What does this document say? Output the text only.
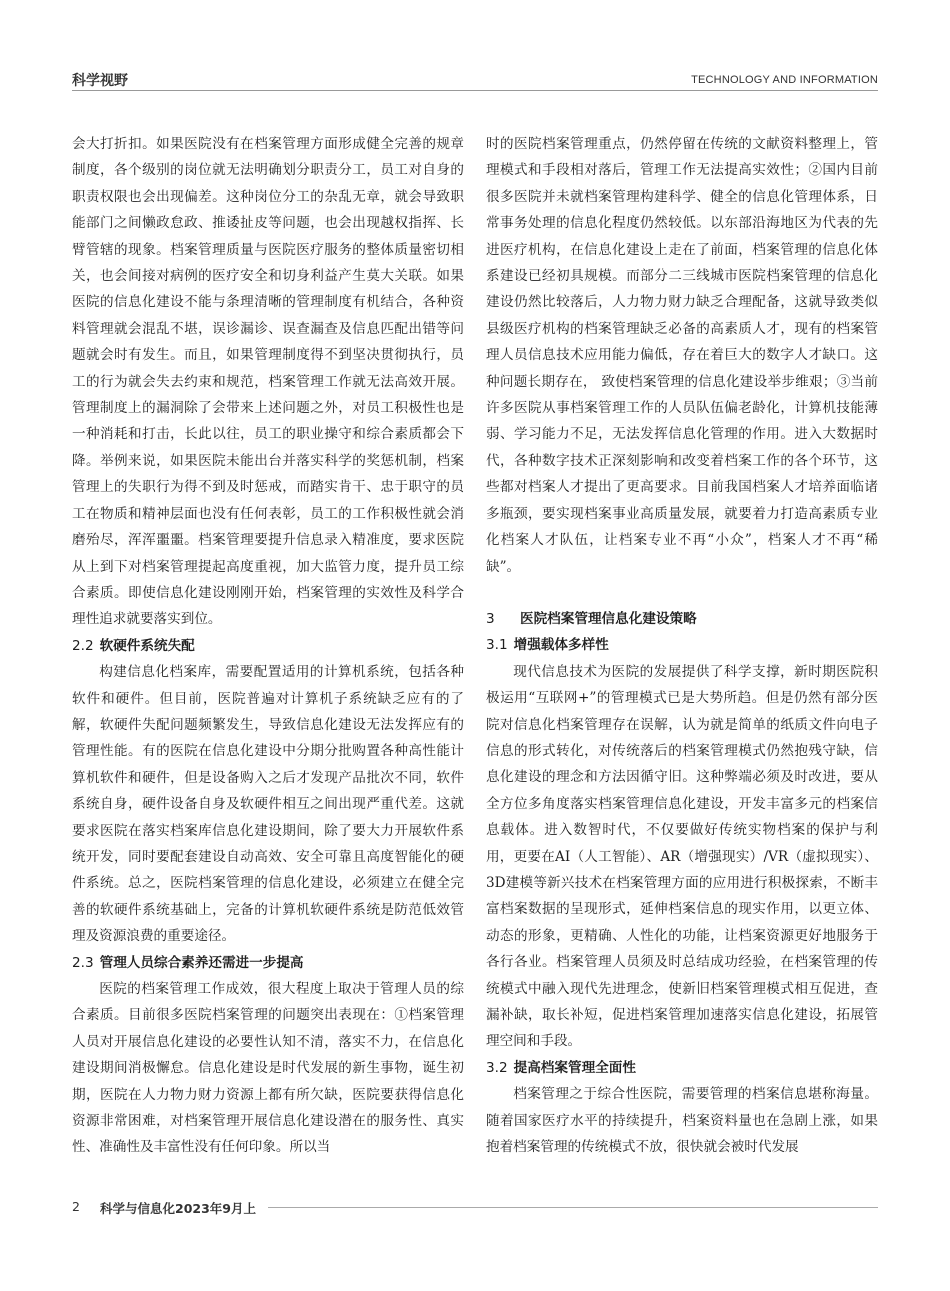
科学视野	TECHNOLOGY AND INFORMATION

会大打折扣。如果医院没有在档案管理方面形成健全完善的规章制度，各个级别的岗位就无法明确划分职责分工，员工对自身的职责权限也会出现偏差。这种岗位分工的杂乱无章，就会导致职能部门之间懒政怠政、推诿扯皮等问题，也会出现越权指挥、长臂管辖的现象。档案管理质量与医院医疗服务的整体质量密切相关，也会间接对病例的医疗安全和切身利益产生莫大关联。如果医院的信息化建设不能与条理清晰的管理制度有机结合，各种资料管理就会混乱不堪，误诊漏诊、误查漏查及信息匹配出错等问题就会时有发生。而且，如果管理制度得不到坚决贯彻执行，员工的行为就会失去约束和规范，档案管理工作就无法高效开展。管理制度上的漏洞除了会带来上述问题之外，对员工积极性也是一种消耗和打击，长此以往，员工的职业操守和综合素质都会下降。举例来说，如果医院未能出台并落实科学的奖惩机制，档案管理上的失职行为得不到及时惩戒，而踏实肯干、忠于职守的员工在物质和精神层面也没有任何表彰，员工的工作积极性就会消磨殆尽，浑浑噩噩。档案管理要提升信息录入精准度，要求医院从上到下对档案管理提起高度重视，加大监管力度，提升员工综合素质。即使信息化建设刚刚开始，档案管理的实效性及科学合理性追求就要落实到位。

2.2 软硬件系统失配

构建信息化档案库，需要配置适用的计算机系统，包括各种软件和硬件。但目前，医院普遍对计算机子系统缺乏应有的了解，软硬件失配问题频繁发生，导致信息化建设无法发挥应有的管理性能。有的医院在信息化建设中分期分批购置各种高性能计算机软件和硬件，但是设备购入之后才发现产品批次不同，软件系统自身，硬件设备自身及软硬件相互之间出现严重代差。这就要求医院在落实档案库信息化建设期间，除了要大力开展软件系统开发，同时要配套建设自动高效、安全可靠且高度智能化的硬件系统。总之，医院档案管理的信息化建设，必须建立在健全完善的软硬件系统基础上，完备的计算机软硬件系统是防范低效管理及资源浪费的重要途径。

2.3 管理人员综合素养还需进一步提高

医院的档案管理工作成效，很大程度上取决于管理人员的综合素质。目前很多医院档案管理的问题突出表现在：①档案管理人员对开展信息化建设的必要性认知不清，落实不力，在信息化建设期间消极懈怠。信息化建设是时代发展的新生事物，诞生初期，医院在人力物力财力资源上都有所欠缺，医院要获得信息化资源非常困难，对档案管理开展信息化建设潜在的服务性、真实性、准确性及丰富性没有任何印象。所以当

时的医院档案管理重点，仍然停留在传统的文献资料整理上，管理模式和手段相对落后，管理工作无法提高实效性；②国内目前很多医院并未就档案管理构建科学、健全的信息化管理体系，日常事务处理的信息化程度仍然较低。以东部沿海地区为代表的先进医疗机构，在信息化建设上走在了前面，档案管理的信息化体系建设已经初具规模。而部分二三线城市医院档案管理的信息化建设仍然比较落后，人力物力财力缺乏合理配备，这就导致类似县级医疗机构的档案管理缺乏必备的高素质人才，现有的档案管理人员信息技术应用能力偏低，存在着巨大的数字人才缺口。这种问题长期存在， 致使档案管理的信息化建设举步维艰；③当前许多医院从事档案管理工作的人员队伍偏老龄化，计算机技能薄弱、学习能力不足，无法发挥信息化管理的作用。进入大数据时代，各种数字技术正深刻影响和改变着档案工作的各个环节，这些都对档案人才提出了更高要求。目前我国档案人才培养面临诸多瓶颈，要实现档案事业高质量发展，就要着力打造高素质专业化档案人才队伍，让档案专业不再“小众”，档案人才不再“稀缺”。

3 医院档案管理信息化建设策略
3.1 增强载体多样性

现代信息技术为医院的发展提供了科学支撑，新时期医院积极运用“互联网+”的管理模式已是大势所趋。但是仍然有部分医院对信息化档案管理存在误解，认为就是简单的纸质文件向电子信息的形式转化，对传统落后的档案管理模式仍然抱残守缺，信息化建设的理念和方法因循守旧。这种弊端必须及时改进，要从全方位多角度落实档案管理信息化建设，开发丰富多元的档案信息载体。进入数智时代，不仅要做好传统实物档案的保护与利用，更要在AI（人工智能）、AR（增强现实）/VR（虚拟现实）、3D建模等新兴技术在档案管理方面的应用进行积极探索，不断丰富档案数据的呈现形式，延伸档案信息的现实作用，以更立体、动态的形象，更精确、人性化的功能，让档案资源更好地服务于各行各业。档案管理人员须及时总结成功经验，在档案管理的传统模式中融入现代先进理念，使新旧档案管理模式相互促进，查漏补缺，取长补短，促进档案管理加速落实信息化建设，拓展管理空间和手段。

3.2 提高档案管理全面性

档案管理之于综合性医院，需要管理的档案信息堪称海量。随着国家医疗水平的持续提升，档案资料量也在急剧上涨，如果抱着档案管理的传统模式不放，很快就会被时代发展

2 科学与信息化2023年9月上
